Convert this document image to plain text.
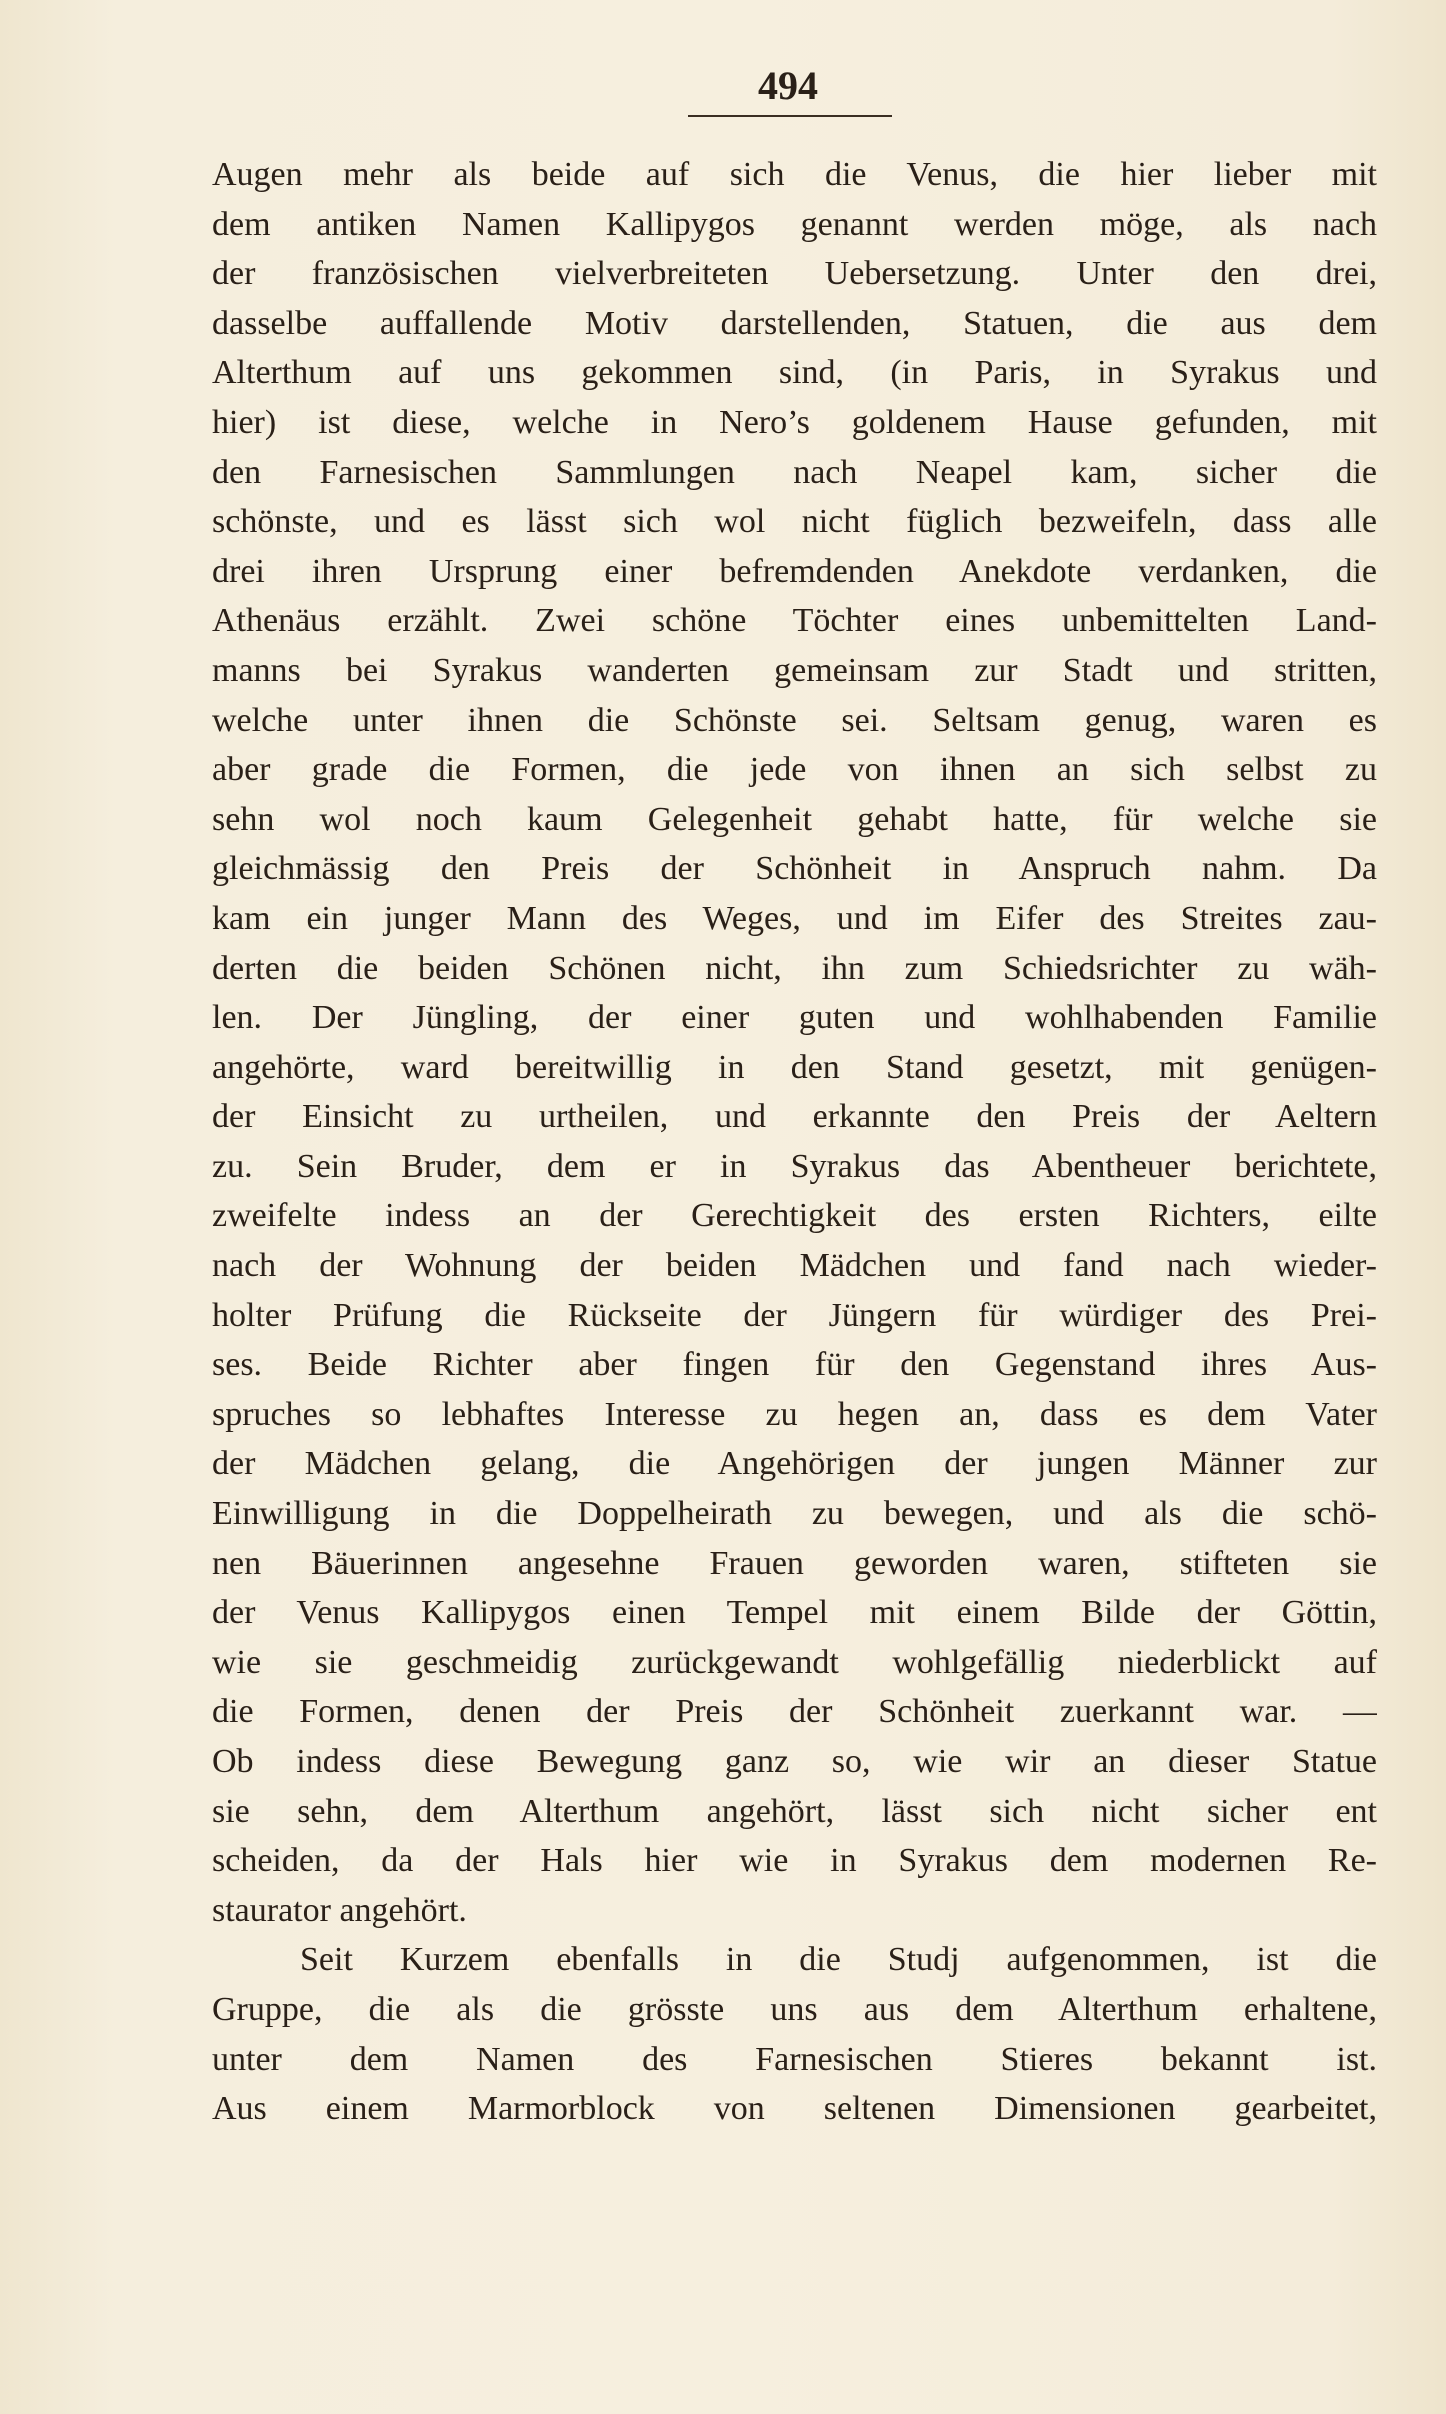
494
Augen mehr als beide auf sich die Venus, die hier lieber mit
dem antiken Namen Kallipygos genannt werden möge, als nach
der französischen vielverbreiteten Uebersetzung. Unter den drei,
dasselbe auffallende Motiv darstellenden, Statuen, die aus dem
Alterthum auf uns gekommen sind, (in Paris, in Syrakus und
hier) ist diese, welche in Nero’s goldenem Hause gefunden, mit
den Farnesischen Sammlungen nach Neapel kam, sicher die
schönste, und es lässt sich wol nicht füglich bezweifeln, dass alle
drei ihren Ursprung einer befremdenden Anekdote verdanken, die
Athenäus erzählt. Zwei schöne Töchter eines unbemittelten Land-
manns bei Syrakus wanderten gemeinsam zur Stadt und stritten,
welche unter ihnen die Schönste sei. Seltsam genug, waren es
aber grade die Formen, die jede von ihnen an sich selbst zu
sehn wol noch kaum Gelegenheit gehabt hatte, für welche sie
gleichmässig den Preis der Schönheit in Anspruch nahm. Da
kam ein junger Mann des Weges, und im Eifer des Streites zau-
derten die beiden Schönen nicht, ihn zum Schiedsrichter zu wäh-
len. Der Jüngling, der einer guten und wohlhabenden Familie
angehörte, ward bereitwillig in den Stand gesetzt, mit genügen-
der Einsicht zu urtheilen, und erkannte den Preis der Aeltern
zu. Sein Bruder, dem er in Syrakus das Abentheuer berichtete,
zweifelte indess an der Gerechtigkeit des ersten Richters, eilte
nach der Wohnung der beiden Mädchen und fand nach wieder-
holter Prüfung die Rückseite der Jüngern für würdiger des Prei-
ses. Beide Richter aber fingen für den Gegenstand ihres Aus-
spruches so lebhaftes Interesse zu hegen an, dass es dem Vater
der Mädchen gelang, die Angehörigen der jungen Männer zur
Einwilligung in die Doppelheirath zu bewegen, und als die schö-
nen Bäuerinnen angesehne Frauen geworden waren, stifteten sie
der Venus Kallipygos einen Tempel mit einem Bilde der Göttin,
wie sie geschmeidig zurückgewandt wohlgefällig niederblickt auf
die Formen, denen der Preis der Schönheit zuerkannt war. —
Ob indess diese Bewegung ganz so, wie wir an dieser Statue
sie sehn, dem Alterthum angehört, lässt sich nicht sicher ent
scheiden, da der Hals hier wie in Syrakus dem modernen Re-
staurator angehört.
Seit Kurzem ebenfalls in die Studj aufgenommen, ist die
Gruppe, die als die grösste uns aus dem Alterthum erhaltene,
unter dem Namen des Farnesischen Stieres bekannt ist.
Aus einem Marmorblock von seltenen Dimensionen gearbeitet,
